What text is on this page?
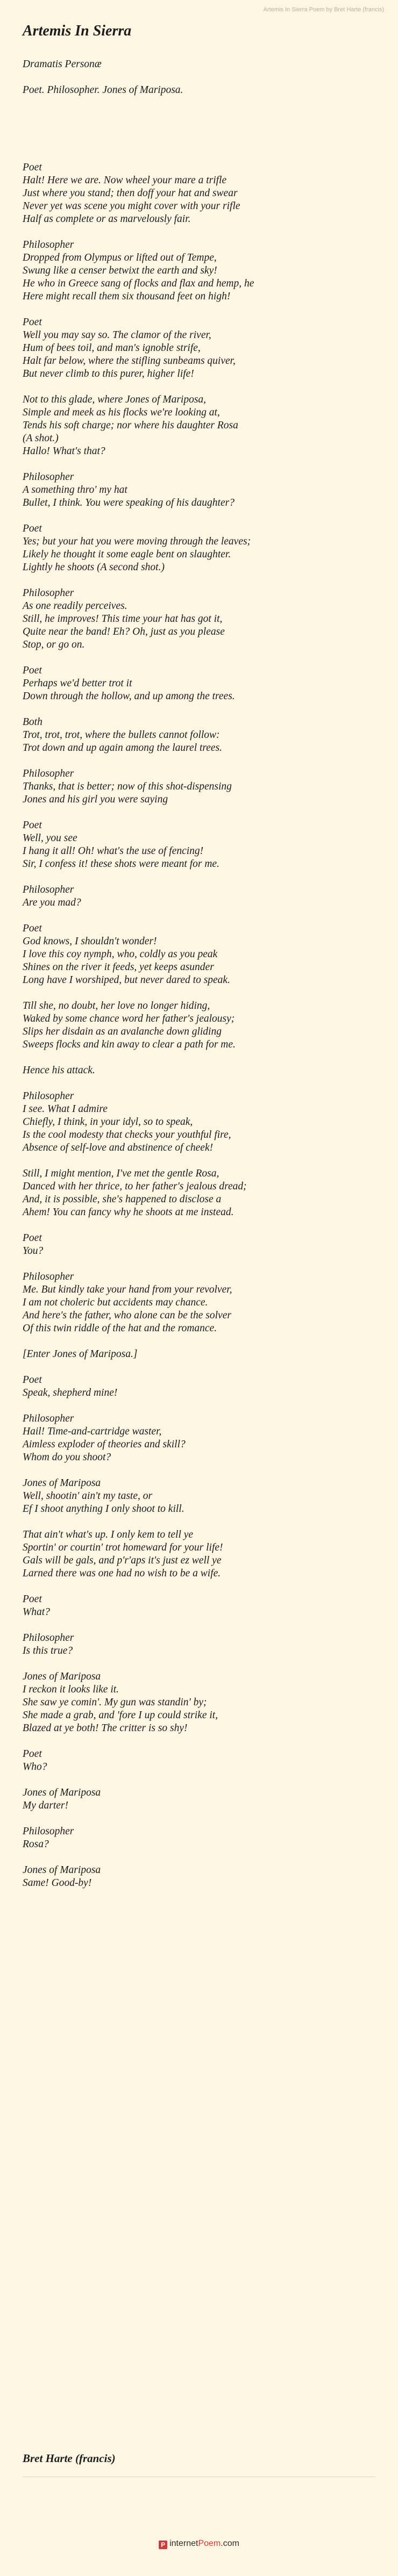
Artemis In Sierra Poem by Bret Harte (francis)
Artemis In Sierra
Dramatis Personæ
Poet. Philosopher. Jones of Mariposa.
Poet
Halt! Here we are. Now wheel your mare a trifle
Just where you stand; then doff your hat and swear
Never yet was scene you might cover with your rifle
Half as complete or as marvelously fair.
Philosopher
Dropped from Olympus or lifted out of Tempe,
Swung like a censer betwixt the earth and sky!
He who in Greece sang of flocks and flax and hemp, he
Here might recall them six thousand feet on high!
Poet
Well you may say so. The clamor of the river,
Hum of bees toil, and man's ignoble strife,
Halt far below, where the stifling sunbeams quiver,
But never climb to this purer, higher life!
Not to this glade, where Jones of Mariposa,
Simple and meek as his flocks we're looking at,
Tends his soft charge; nor where his daughter Rosa
(A shot.)
Hallo! What's that?
Philosopher
A something thro' my hat
Bullet, I think. You were speaking of his daughter?
Poet
Yes; but your hat you were moving through the leaves;
Likely he thought it some eagle bent on slaughter.
Lightly he shoots (A second shot.)
Philosopher
As one readily perceives.
Still, he improves! This time your hat has got it,
Quite near the band! Eh? Oh, just as you please
Stop, or go on.
Poet
Perhaps we'd better trot it
Down through the hollow, and up among the trees.
Both
Trot, trot, trot, where the bullets cannot follow:
Trot down and up again among the laurel trees.
Philosopher
Thanks, that is better; now of this shot-dispensing
Jones and his girl you were saying
Poet
Well, you see
I hang it all! Oh! what's the use of fencing!
Sir, I confess it! these shots were meant for me.
Philosopher
Are you mad?
Poet
God knows, I shouldn't wonder!
I love this coy nymph, who, coldly as you peak
Shines on the river it feeds, yet keeps asunder
Long have I worshiped, but never dared to speak.
Till she, no doubt, her love no longer hiding,
Waked by some chance word her father's jealousy;
Slips her disdain as an avalanche down gliding
Sweeps flocks and kin away to clear a path for me.
Hence his attack.
Philosopher
I see. What I admire
Chiefly, I think, in your idyl, so to speak,
Is the cool modesty that checks your youthful fire,
Absence of self-love and abstinence of cheek!
Still, I might mention, I've met the gentle Rosa,
Danced with her thrice, to her father's jealous dread;
And, it is possible, she's happened to disclose a
Ahem! You can fancy why he shoots at me instead.
Poet
You?
Philosopher
Me. But kindly take your hand from your revolver,
I am not choleric but accidents may chance.
And here's the father, who alone can be the solver
Of this twin riddle of the hat and the romance.
[Enter Jones of Mariposa.]
Poet
Speak, shepherd mine!
Philosopher
Hail! Time-and-cartridge waster,
Aimless exploder of theories and skill?
Whom do you shoot?
Jones of Mariposa
Well, shootin' ain't my taste, or
Ef I shoot anything I only shoot to kill.
That ain't what's up. I only kem to tell ye
Sportin' or courtin' trot homeward for your life!
Gals will be gals, and p'r'aps it's just ez well ye
Larned there was one had no wish to be a wife.
Poet
What?
Philosopher
Is this true?
Jones of Mariposa
I reckon it looks like it.
She saw ye comin'. My gun was standin' by;
She made a grab, and 'fore I up could strike it,
Blazed at ye both! The critter is so shy!
Poet
Who?
Jones of Mariposa
My darter!
Philosopher
Rosa?
Jones of Mariposa
Same! Good-by!
Bret Harte (francis)
P internetPoem.com
